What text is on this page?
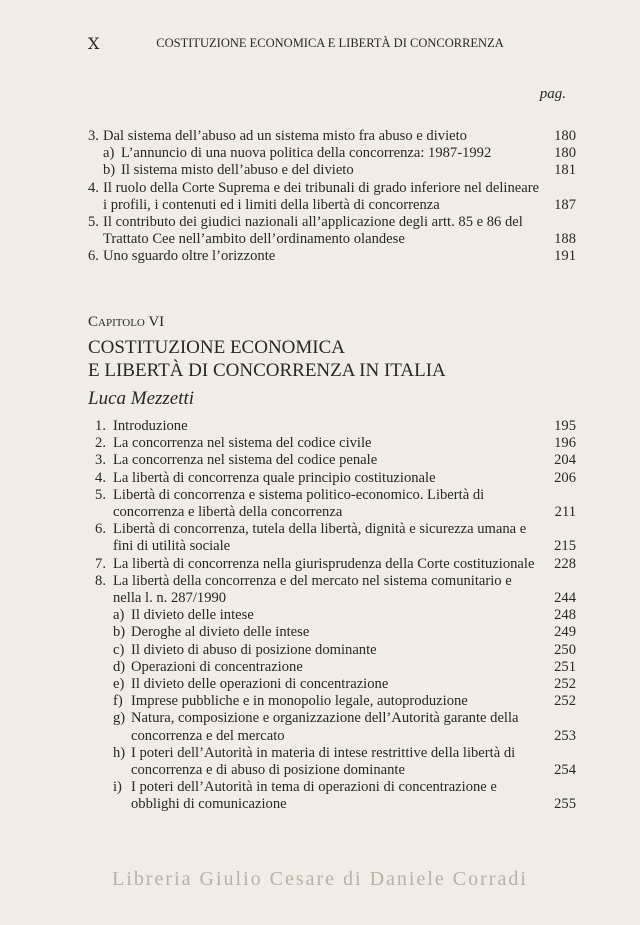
X	COSTITUZIONE ECONOMICA E LIBERTÀ DI CONCORRENZA
pag.
3. Dal sistema dell’abuso ad un sistema misto fra abuso e divieto	180
a) L’annuncio di una nuova politica della concorrenza: 1987-1992	180
b) Il sistema misto dell’abuso e del divieto	181
4. Il ruolo della Corte Suprema e dei tribunali di grado inferiore nel delineare i profili, i contenuti ed i limiti della libertà di concorrenza	187
5. Il contributo dei giudici nazionali all’applicazione degli artt. 85 e 86 del Trattato Cee nell’ambito dell’ordinamento olandese	188
6. Uno sguardo oltre l’orizzonte	191
Capitolo VI
COSTITUZIONE ECONOMICA
E LIBERTÀ DI CONCORRENZA IN ITALIA
Luca Mezzetti
1. Introduzione	195
2. La concorrenza nel sistema del codice civile	196
3. La concorrenza nel sistema del codice penale	204
4. La libertà di concorrenza quale principio costituzionale	206
5. Libertà di concorrenza e sistema politico-economico. Libertà di concorrenza e libertà della concorrenza	211
6. Libertà di concorrenza, tutela della libertà, dignità e sicurezza umana e fini di utilità sociale	215
7. La libertà di concorrenza nella giurisprudenza della Corte costituzionale	228
8. La libertà della concorrenza e del mercato nel sistema comunitario e nella l. n. 287/1990	244
a) Il divieto delle intese	248
b) Deroghe al divieto delle intese	249
c) Il divieto di abuso di posizione dominante	250
d) Operazioni di concentrazione	251
e) Il divieto delle operazioni di concentrazione	252
f) Imprese pubbliche e in monopolio legale, autoproduzione	252
g) Natura, composizione e organizzazione dell’Autorità garante della concorrenza e del mercato	253
h) I poteri dell’Autorità in materia di intese restrittive della libertà di concorrenza e di abuso di posizione dominante	254
i) I poteri dell’Autorità in tema di operazioni di concentrazione e obblighi di comunicazione	255
Libreria Giulio Cesare di Daniele Corradi
